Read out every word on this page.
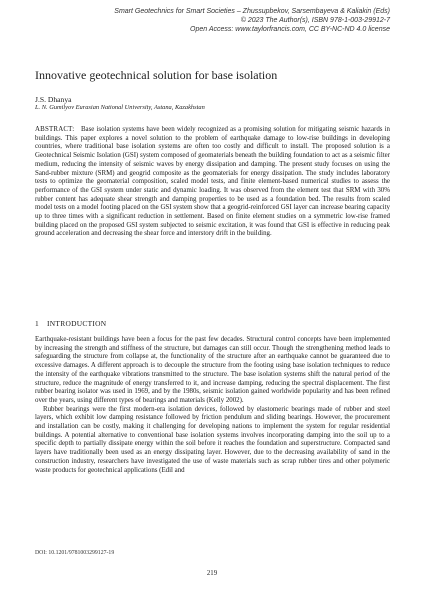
Smart Geotechnics for Smart Societies – Zhussupbekov, Sarsembayeva & Kaliakin (Eds)
© 2023 The Author(s), ISBN 978-1-003-29912-7
Open Access: www.taylorfrancis.com, CC BY-NC-ND 4.0 license
Innovative geotechnical solution for base isolation
J.S. Dhanya
L. N. Gumilyov Eurasian National University, Astana, Kazakhstan
ABSTRACT: Base isolation systems have been widely recognized as a promising solution for mitigating seismic hazards in buildings. This paper explores a novel solution to the problem of earthquake damage to low-rise buildings in developing countries, where traditional base isolation systems are often too costly and difficult to install. The proposed solution is a Geotechnical Seismic Isolation (GSI) system composed of geomaterials beneath the building foundation to act as a seismic filter medium, reducing the intensity of seismic waves by energy dissipation and damping. The present study focuses on using the Sand-rubber mixture (SRM) and geogrid composite as the geomaterials for energy dissipation. The study includes laboratory tests to optimize the geomaterial composition, scaled model tests, and finite element-based numerical studies to assess the performance of the GSI system under static and dynamic loading. It was observed from the element test that SRM with 30% rubber content has adequate shear strength and damping properties to be used as a foundation bed. The results from scaled model tests on a model footing placed on the GSI system show that a geogrid-reinforced GSI layer can increase bearing capacity up to three times with a significant reduction in settlement. Based on finite element studies on a symmetric low-rise framed building placed on the proposed GSI system subjected to seismic excitation, it was found that GSI is effective in reducing peak ground acceleration and decreasing the shear force and interstory drift in the building.
1 INTRODUCTION

Earthquake-resistant buildings have been a focus for the past few decades. Structural control concepts have been implemented by increasing the strength and stiffness of the structure, but damages can still occur. Though the strengthening method leads to safeguarding the structure from collapse at, the functionality of the structure after an earthquake cannot be guaranteed due to excessive damages. A different approach is to decouple the structure from the footing using base isolation techniques to reduce the intensity of the earthquake vibrations transmitted to the structure. The base isolation systems shift the natural period of the structure, reduce the magnitude of energy transferred to it, and increase damping, reducing the spectral displacement. The first rubber bearing isolator was used in 1969, and by the 1980s, seismic isolation gained worldwide popularity and has been refined over the years, using different types of bearings and materials (Kelly 2002).

Rubber bearings were the first modern-era isolation devices, followed by elastomeric bearings made of rubber and steel layers, which exhibit low damping resistance followed by friction pendulum and sliding bearings. However, the procurement and installation can be costly, making it challenging for developing nations to implement the system for regular residential buildings. A potential alternative to conventional base isolation systems involves incorporating damping into the soil up to a specific depth to partially dissipate energy within the soil before it reaches the foundation and superstructure. Compacted sand layers have traditionally been used as an energy dissipating layer. However, due to the decreasing availability of sand in the construction industry, researchers have investigated the use of waste materials such as scrap rubber tires and other polymeric waste products for geotechnical applications (Edil and

DOI: 10.1201/9781003299127-19
219
